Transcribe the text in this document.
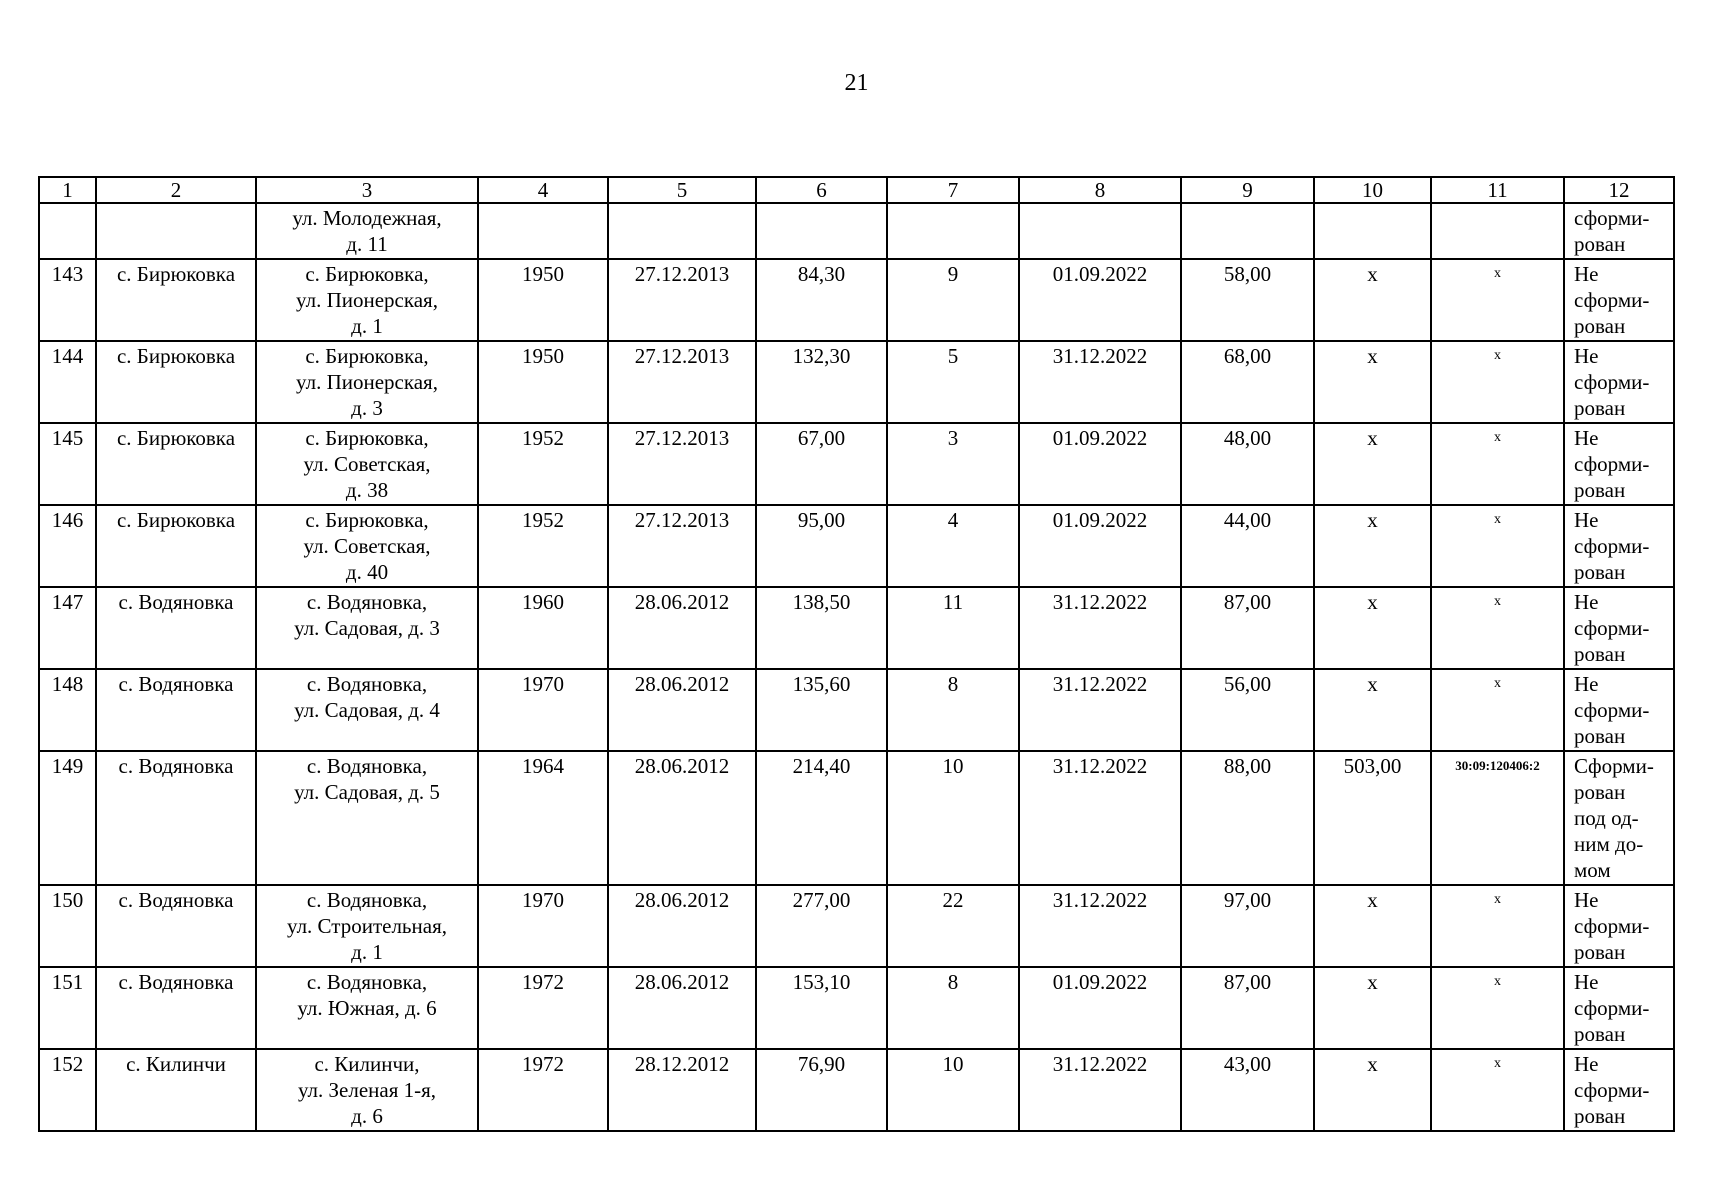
21
1	2	3	4	5	6	7	8	9	10	11	12
		ул. Молодежная,
д. 11									сформи-
рован
143	с. Бирюковка	с. Бирюковка,
ул. Пионерская,
д. 1	1950	27.12.2013	84,30	9	01.09.2022	58,00	x	x	Не
сформи-
рован
144	с. Бирюковка	с. Бирюковка,
ул. Пионерская,
д. 3	1950	27.12.2013	132,30	5	31.12.2022	68,00	x	x	Не
сформи-
рован
145	с. Бирюковка	с. Бирюковка,
ул. Советская,
д. 38	1952	27.12.2013	67,00	3	01.09.2022	48,00	x	x	Не
сформи-
рован
146	с. Бирюковка	с. Бирюковка,
ул. Советская,
д. 40	1952	27.12.2013	95,00	4	01.09.2022	44,00	x	x	Не
сформи-
рован
147	с. Водяновка	с. Водяновка,
ул. Садовая, д. 3	1960	28.06.2012	138,50	11	31.12.2022	87,00	x	x	Не
сформи-
рован
148	с. Водяновка	с. Водяновка,
ул. Садовая, д. 4	1970	28.06.2012	135,60	8	31.12.2022	56,00	x	x	Не
сформи-
рован
149	с. Водяновка	с. Водяновка,
ул. Садовая, д. 5	1964	28.06.2012	214,40	10	31.12.2022	88,00	503,00	30:09:120406:2	Сформи-
рован
под од-
ним до-
мом
150	с. Водяновка	с. Водяновка,
ул. Строительная,
д. 1	1970	28.06.2012	277,00	22	31.12.2022	97,00	x	x	Не
сформи-
рован
151	с. Водяновка	с. Водяновка,
ул. Южная, д. 6	1972	28.06.2012	153,10	8	01.09.2022	87,00	x	x	Не
сформи-
рован
152	с. Килинчи	с. Килинчи,
ул. Зеленая 1-я,
д. 6	1972	28.12.2012	76,90	10	31.12.2022	43,00	x	x	Не
сформи-
рован
